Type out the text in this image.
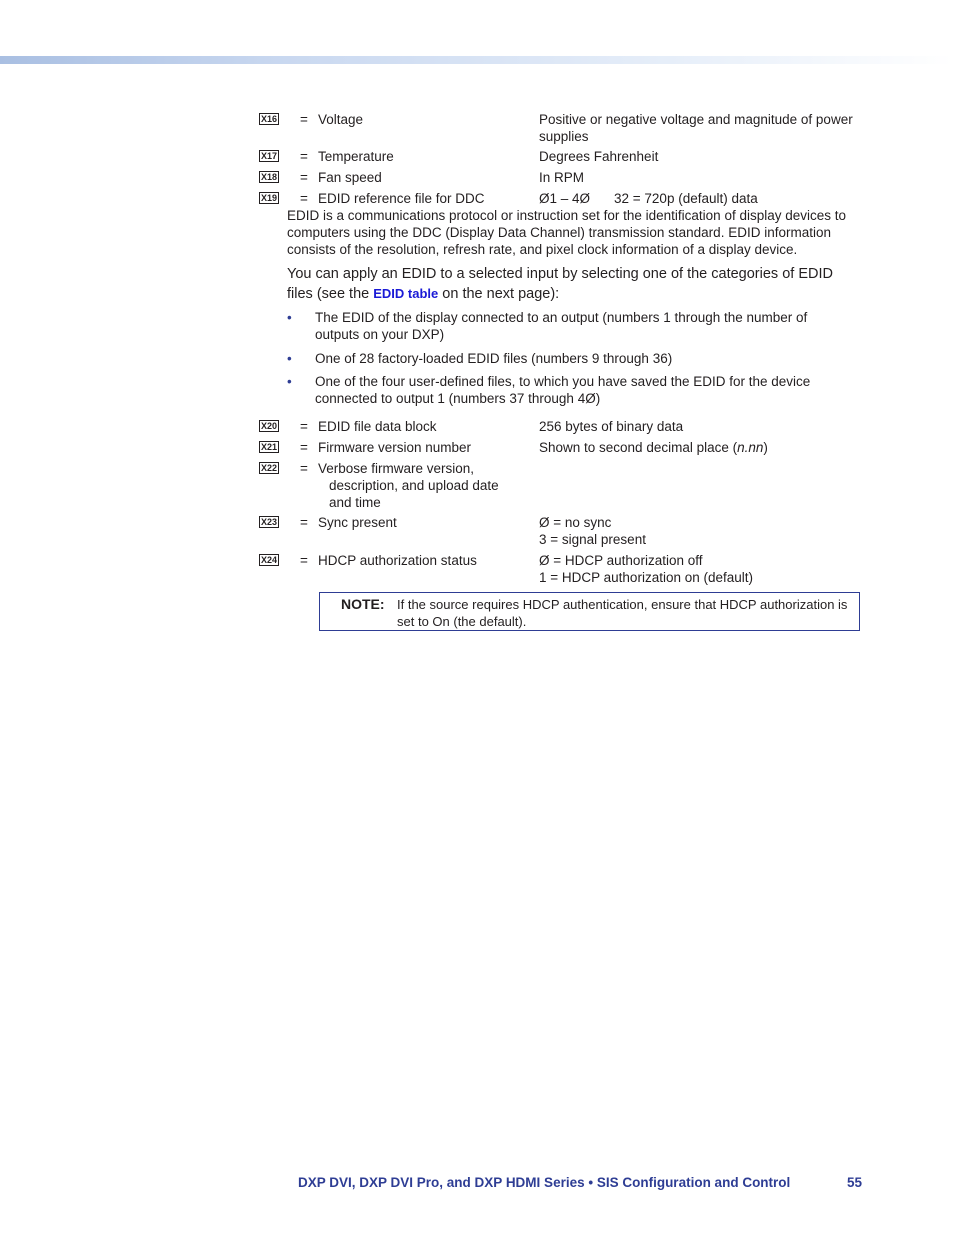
X16 = Voltage	Positive or negative voltage and magnitude of power supplies
X17 = Temperature	Degrees Fahrenheit
X18 = Fan speed	In RPM
X19 = EDID reference file for DDC	Ø1 – 4Ø	32 = 720p (default) data
EDID is a communications protocol or instruction set for the identification of display devices to computers using the DDC (Display Data Channel) transmission standard. EDID information consists of the resolution, refresh rate, and pixel clock information of a display device.
You can apply an EDID to a selected input by selecting one of the categories of EDID files (see the EDID table on the next page):
• The EDID of the display connected to an output (numbers 1 through the number of outputs on your DXP)
• One of 28 factory-loaded EDID files (numbers 9 through 36)
• One of the four user-defined files, to which you have saved the EDID for the device connected to output 1 (numbers 37 through 4Ø)
X20 = EDID file data block	256 bytes of binary data
X21 = Firmware version number	Shown to second decimal place (n.nn)
X22 = Verbose firmware version,
description, and upload date
and time
X23 = Sync present	Ø = no sync
3 = signal present
X24 = HDCP authorization status	Ø = HDCP authorization off
1 = HDCP authorization on (default)
NOTE: If the source requires HDCP authentication, ensure that HDCP authorization is set to On (the default).
DXP DVI, DXP DVI Pro, and DXP HDMI Series • SIS Configuration and Control	55
